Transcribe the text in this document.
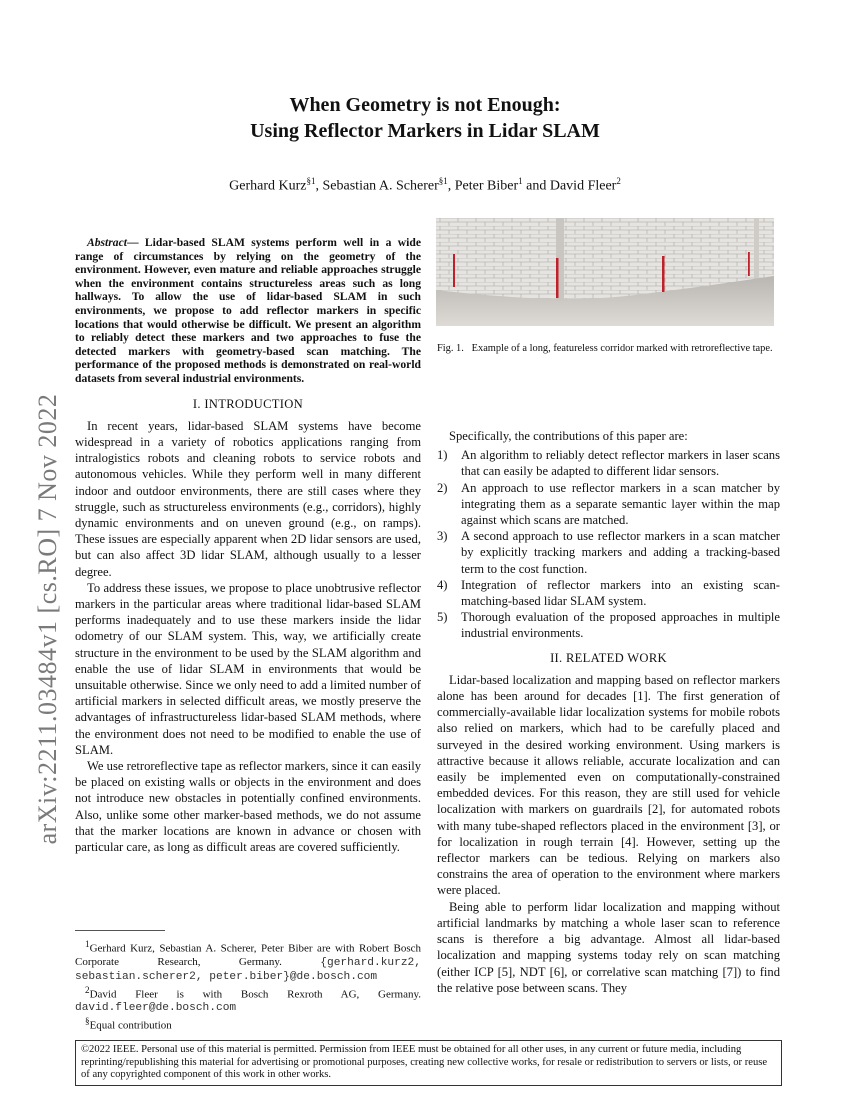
arXiv:2211.03484v1 [cs.RO] 7 Nov 2022
When Geometry is not Enough:
Using Reflector Markers in Lidar SLAM
Gerhard Kurz$^{\S 1}$, Sebastian A. Scherer$^{\S 1}$, Peter Biber$^1$ and David Fleer$^2$
Abstract— Lidar-based SLAM systems perform well in a wide range of circumstances by relying on the geometry of the environment. However, even mature and reliable approaches struggle when the environment contains structureless areas such as long hallways. To allow the use of lidar-based SLAM in such environments, we propose to add reflector markers in specific locations that would otherwise be difficult. We present an algorithm to reliably detect these markers and two approaches to fuse the detected markers with geometry-based scan matching. The performance of the proposed methods is demonstrated on real-world datasets from several industrial environments.
I. INTRODUCTION

In recent years, lidar-based SLAM systems have become widespread in a variety of robotics applications ranging from intralogistics robots and cleaning robots to service robots and autonomous vehicles. While they perform well in many different indoor and outdoor environments, there are still cases where they struggle, such as structureless environments (e.g., corridors), highly dynamic environments and on uneven ground (e.g., on ramps). These issues are especially apparent when 2D lidar sensors are used, but can also affect 3D lidar SLAM, although usually to a lesser degree.

To address these issues, we propose to place unobtrusive reflector markers in the particular areas where traditional lidar-based SLAM performs inadequately and to use these markers inside the lidar odometry of our SLAM system. This, way, we artificially create structure in the environment to be used by the SLAM algorithm and enable the use of lidar SLAM in environments that would be unsuitable otherwise. Since we only need to add a limited number of artificial markers in selected difficult areas, we mostly preserve the advantages of infrastructureless lidar-based SLAM methods, where the environment does not need to be modified to enable the use of SLAM.

We use retroreflective tape as reflector markers, since it can easily be placed on existing walls or objects in the environment and does not introduce new obstacles in potentially confined environments. Also, unlike some other marker-based methods, we do not assume that the marker locations are known in advance or chosen with particular care, as long as difficult areas are covered sufficiently.

$^1$Gerhard Kurz, Sebastian A. Scherer, Peter Biber are with Robert Bosch Corporate Research, Germany. {gerhard.kurz2, sebastian.scherer2, peter.biber}@de.bosch.com
$^2$David Fleer is with Bosch Rexroth AG, Germany. david.fleer@de.bosch.com
§Equal contribution
Fig. 1. Example of a long, featureless corridor marked with retroreflective tape.

Specifically, the contributions of this paper are:

1) An algorithm to reliably detect reflector markers in laser scans that can easily be adapted to different lidar sensors.
2) An approach to use reflector markers in a scan matcher by integrating them as a separate semantic layer within the map against which scans are matched.
3) A second approach to use reflector markers in a scan matcher by explicitly tracking markers and adding a tracking-based term to the cost function.
4) Integration of reflector markers into an existing scan-matching-based lidar SLAM system.
5) Thorough evaluation of the proposed approaches in multiple industrial environments.
II. RELATED WORK

Lidar-based localization and mapping based on reflector markers alone has been around for decades [1]. The first generation of commercially-available lidar localization systems for mobile robots also relied on markers, which had to be carefully placed and surveyed in the desired working environment. Using markers is attractive because it allows reliable, accurate localization and can easily be implemented even on computationally-constrained embedded devices. For this reason, they are still used for vehicle localization with markers on guardrails [2], for automated robots with many tube-shaped reflectors placed in the environment [3], or for localization in rough terrain [4]. However, setting up the reflector markers can be tedious. Relying on markers also constrains the area of operation to the environment where markers were placed.

Being able to perform lidar localization and mapping without artificial landmarks by matching a whole laser scan to reference scans is therefore a big advantage. Almost all lidar-based localization and mapping systems today rely on scan matching (either ICP [5], NDT [6], or correlative scan matching [7]) to find the relative pose between scans. They

©2022 IEEE. Personal use of this material is permitted. Permission from IEEE must be obtained for all other uses, in any current or future media, including reprinting/republishing this material for advertising or promotional purposes, creating new collective works, for resale or redistribution to servers or lists, or reuse of any copyrighted component of this work in other works.
